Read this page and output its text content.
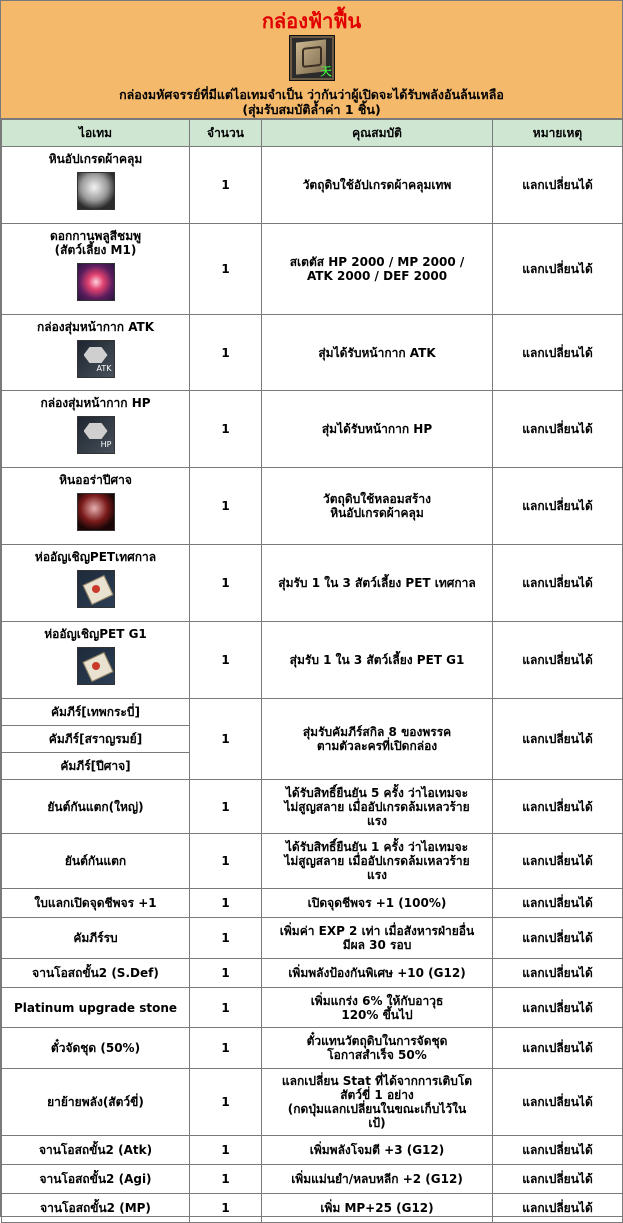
กล่องฟ้าฟื้น
天
กล่องมหัศจรรย์ที่มีแต่ไอเทมจำเป็น ว่ากันว่าผู้เปิดจะได้รับพลังอันล้นเหลือ
(สุ่มรับสมบัติล้ำค่า 1 ชิ้น)
ไอเทม	จำนวน	คุณสมบัติ	หมายเหตุ

หินอัปเกรดผ้าคลุม	1	วัตถุดิบใช้อัปเกรดผ้าคลุมเทพ	แลกเปลี่ยนได้

ดอกกานพลูสีชมพู
(สัตว์เลี้ยง M1)	1	สเตตัส HP 2000 / MP 2000 /
ATK 2000 / DEF 2000	แลกเปลี่ยนได้

กล่องสุ่มหน้ากาก ATK
ATK	1	สุ่มได้รับหน้ากาก ATK	แลกเปลี่ยนได้

กล่องสุ่มหน้ากาก HP
HP	1	สุ่มได้รับหน้ากาก HP	แลกเปลี่ยนได้

หินออร่าปีศาจ	1	วัตถุดิบใช้หลอมสร้าง
หินอัปเกรดผ้าคลุม	แลกเปลี่ยนได้

ห่ออัญเชิญPETเทศกาล	1	สุ่มรับ 1 ใน 3 สัตว์เลี้ยง PET เทศกาล	แลกเปลี่ยนได้

ห่ออัญเชิญPET G1	1	สุ่มรับ 1 ใน 3 สัตว์เลี้ยง PET G1	แลกเปลี่ยนได้
คัมภีร์[เทพกระบี่]	1	สุ่มรับคัมภีร์สกิล 8 ของพรรค
ตามตัวละครที่เปิดกล่อง	แลกเปลี่ยนได้
คัมภีร์[สราญรมย์]			
คัมภีร์[ปีศาจ]			
ยันต์กันแตก(ใหญ่)	1	ได้รับสิทธิ์ยืนยัน 5 ครั้ง ว่าไอเทมจะ
ไม่สูญสลาย เมื่ออัปเกรดล้มเหลวร้าย
แรง	แลกเปลี่ยนได้
ยันต์กันแตก	1	ได้รับสิทธิ์ยืนยัน 1 ครั้ง ว่าไอเทมจะ
ไม่สูญสลาย เมื่ออัปเกรดล้มเหลวร้าย
แรง	แลกเปลี่ยนได้
ใบแลกเปิดจุดชีพจร +1	1	เปิดจุดชีพจร +1 (100%)	แลกเปลี่ยนได้
คัมภีร์รบ	1	เพิ่มค่า EXP 2 เท่า เมื่อสังหารฝ่ายอื่น
มีผล 30 รอบ	แลกเปลี่ยนได้
จานโอสถขั้น2 (S.Def)	1	เพิ่มพลังป้องกันพิเศษ +10 (G12)	แลกเปลี่ยนได้
Platinum upgrade stone	1	เพิ่มแกร่ง 6% ให้กับอาวุธ
120% ขึ้นไป	แลกเปลี่ยนได้
ตั๋วจัดชุด (50%)	1	ตั๋วแทนวัตถุดิบในการจัดชุด
โอกาสสำเร็จ 50%	แลกเปลี่ยนได้
ยาย้ายพลัง(สัตว์ขี่)	1	แลกเปลี่ยน Stat ที่ได้จากการเติบโต
สัตว์ขี่ 1 อย่าง
(กดปุ่มแลกเปลี่ยนในขณะเก็บไว้ใน
เป้)	แลกเปลี่ยนได้
จานโอสถขั้น2 (Atk)	1	เพิ่มพลังโจมตี +3 (G12)	แลกเปลี่ยนได้
จานโอสถขั้น2 (Agi)	1	เพิ่มแม่นยำ/หลบหลีก +2 (G12)	แลกเปลี่ยนได้
จานโอสถขั้น2 (MP)	1	เพิ่ม MP+25 (G12)	แลกเปลี่ยนได้
